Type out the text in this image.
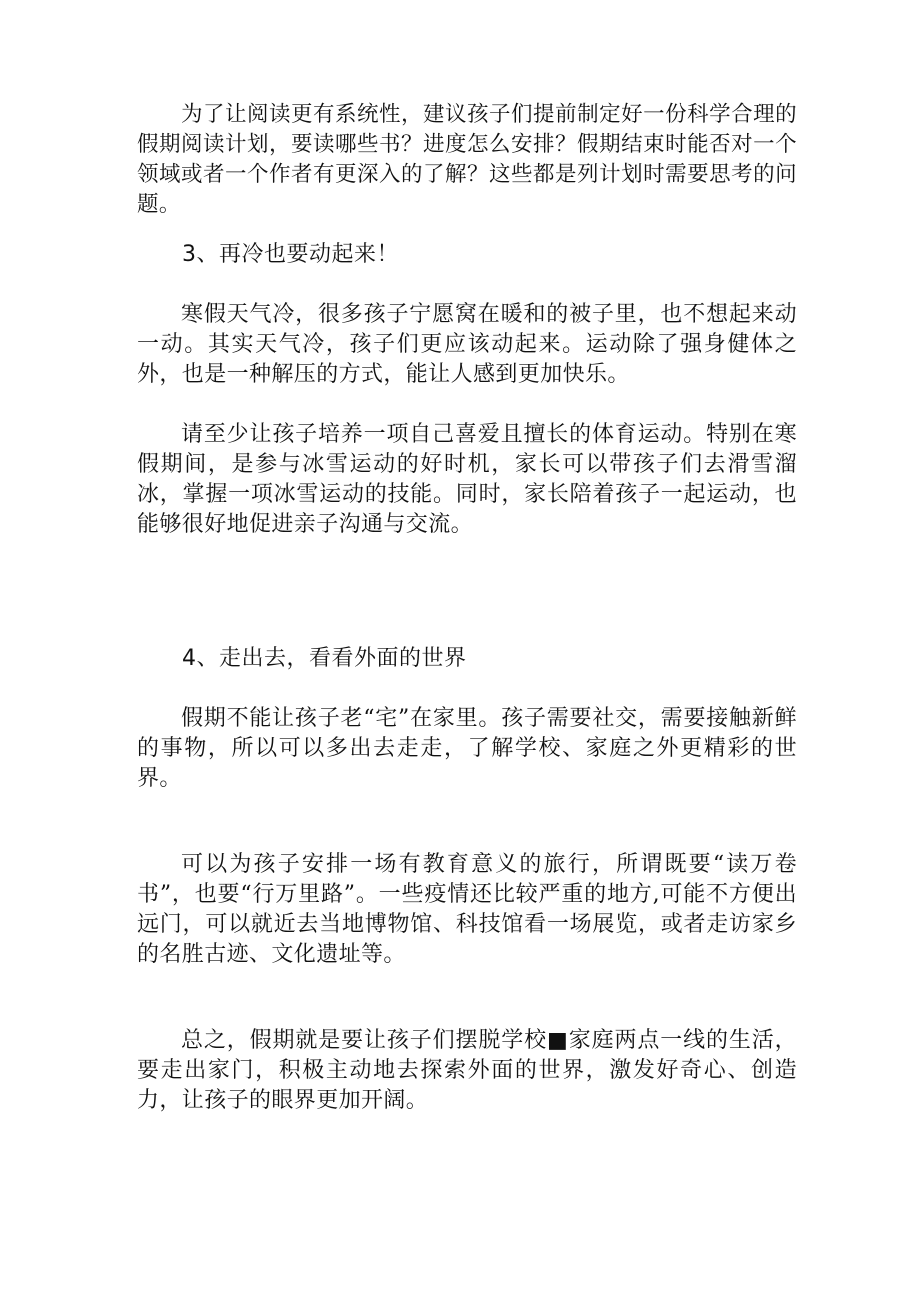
为了让阅读更有系统性，建议孩子们提前制定好一份科学合理的假期阅读计划，要读哪些书？进度怎么安排？假期结束时能否对一个领域或者一个作者有更深入的了解？这些都是列计划时需要思考的问题。

3、再冷也要动起来！

寒假天气冷，很多孩子宁愿窝在暖和的被子里，也不想起来动一动。其实天气冷，孩子们更应该动起来。运动除了强身健体之外，也是一种解压的方式，能让人感到更加快乐。

请至少让孩子培养一项自己喜爱且擅长的体育运动。特别在寒假期间，是参与冰雪运动的好时机，家长可以带孩子们去滑雪溜冰，掌握一项冰雪运动的技能。同时，家长陪着孩子一起运动，也能够很好地促进亲子沟通与交流。

4、走出去，看看外面的世界

假期不能让孩子老“宅”在家里。孩子需要社交，需要接触新鲜的事物，所以可以多出去走走，了解学校、家庭之外更精彩的世界。

可以为孩子安排一场有教育意义的旅行，所谓既要“读万卷书”，也要“行万里路”。一些疫情还比较严重的地方,可能不方便出远门，可以就近去当地博物馆、科技馆看一场展览，或者走访家乡的名胜古迹、文化遗址等。

总之，假期就是要让孩子们摆脱学校■家庭两点一线的生活，要走出家门，积极主动地去探索外面的世界，激发好奇心、创造力，让孩子的眼界更加开阔。
